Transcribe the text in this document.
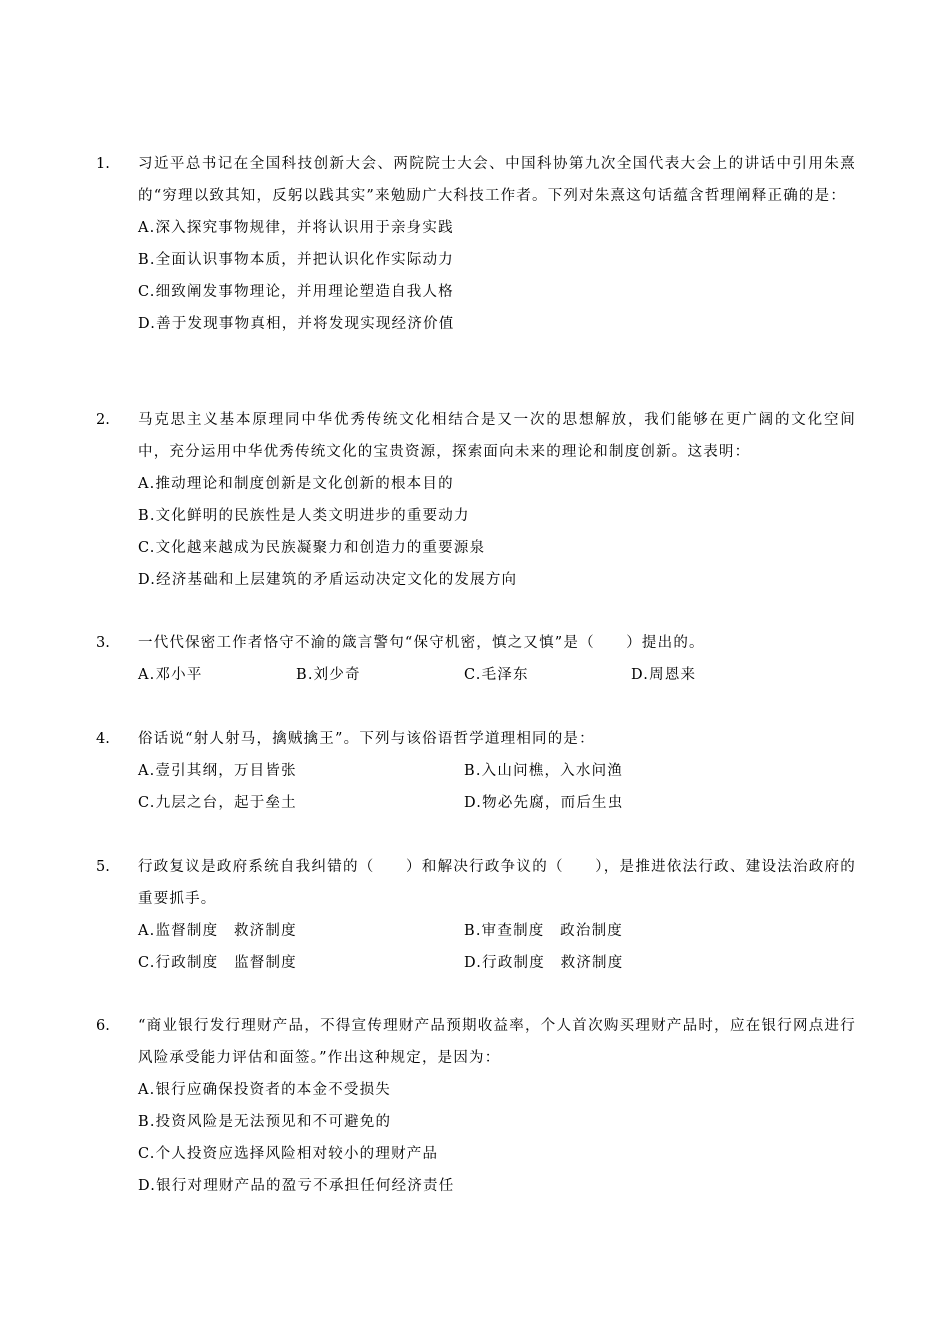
1. 习近平总书记在全国科技创新大会、两院院士大会、中国科协第九次全国代表大会上的讲话中引用朱熹的“穷理以致其知，反躬以践其实”来勉励广大科技工作者。下列对朱熹这句话蕴含哲理阐释正确的是：
A.深入探究事物规律，并将认识用于亲身实践
B.全面认识事物本质，并把认识化作实际动力
C.细致阐发事物理论，并用理论塑造自我人格
D.善于发现事物真相，并将发现实现经济价值
2. 马克思主义基本原理同中华优秀传统文化相结合是又一次的思想解放，我们能够在更广阔的文化空间中，充分运用中华优秀传统文化的宝贵资源，探索面向未来的理论和制度创新。这表明：
A.推动理论和制度创新是文化创新的根本目的
B.文化鲜明的民族性是人类文明进步的重要动力
C.文化越来越成为民族凝聚力和创造力的重要源泉
D.经济基础和上层建筑的矛盾运动决定文化的发展方向
3. 一代代保密工作者恪守不渝的箴言警句“保守机密，慎之又慎”是（　　）提出的。
A.邓小平	B.刘少奇	C.毛泽东	D.周恩来
4. 俗话说“射人射马，擒贼擒王”。下列与该俗语哲学道理相同的是：
A.壹引其纲，万目皆张	B.入山问樵，入水问渔
C.九层之台，起于垒土	D.物必先腐，而后生虫
5. 行政复议是政府系统自我纠错的（　　）和解决行政争议的（　　），是推进依法行政、建设法治政府的重要抓手。
A.监督制度　救济制度	B.审查制度　政治制度
C.行政制度　监督制度	D.行政制度　救济制度
6. “商业银行发行理财产品，不得宣传理财产品预期收益率，个人首次购买理财产品时，应在银行网点进行风险承受能力评估和面签。”作出这种规定，是因为：
A.银行应确保投资者的本金不受损失
B.投资风险是无法预见和不可避免的
C.个人投资应选择风险相对较小的理财产品
D.银行对理财产品的盈亏不承担任何经济责任
